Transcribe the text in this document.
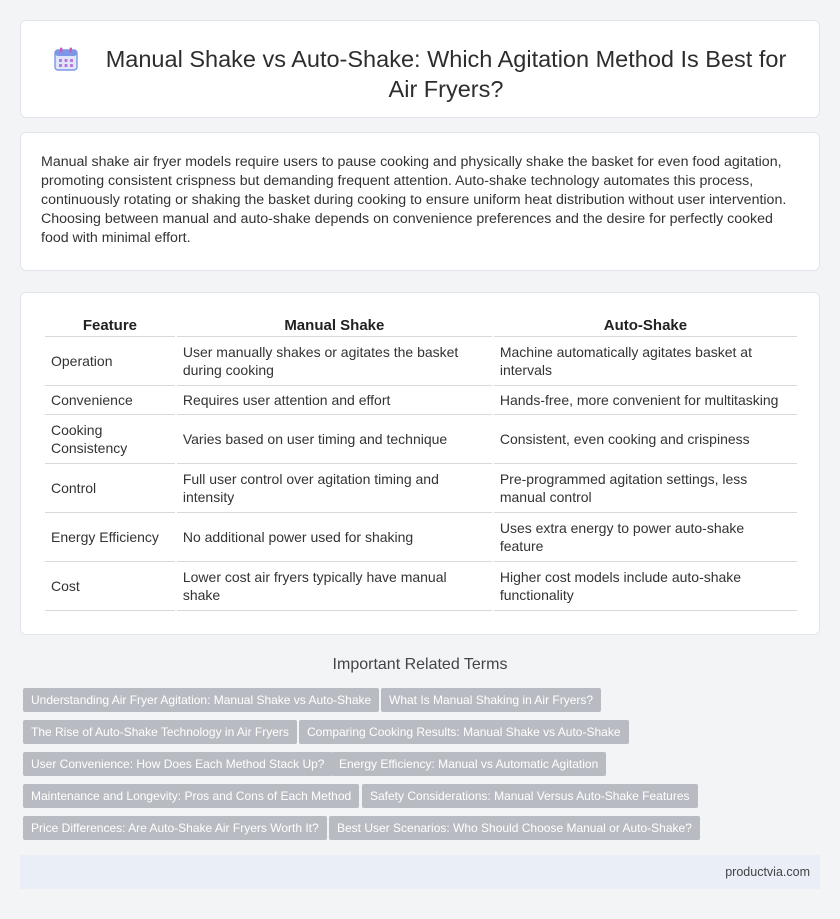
Manual Shake vs Auto-Shake: Which Agitation Method Is Best for Air Fryers?

Manual shake air fryer models require users to pause cooking and physically shake the basket for even food agitation, promoting consistent crispness but demanding frequent attention. Auto-shake technology automates this process, continuously rotating or shaking the basket during cooking to ensure uniform heat distribution without user intervention. Choosing between manual and auto-shake depends on convenience preferences and the desire for perfectly cooked food with minimal effort.

Feature	Manual Shake	Auto-Shake
Operation	User manually shakes or agitates the basket during cooking	Machine automatically agitates basket at intervals
Convenience	Requires user attention and effort	Hands-free, more convenient for multitasking
Cooking Consistency	Varies based on user timing and technique	Consistent, even cooking and crispiness
Control	Full user control over agitation timing and intensity	Pre-programmed agitation settings, less manual control
Energy Efficiency	No additional power used for shaking	Uses extra energy to power auto-shake feature
Cost	Lower cost air fryers typically have manual shake	Higher cost models include auto-shake functionality
Important Related Terms
Understanding Air Fryer Agitation: Manual Shake vs Auto-Shake	What Is Manual Shaking in Air Fryers?
The Rise of Auto-Shake Technology in Air Fryers	Comparing Cooking Results: Manual Shake vs Auto-Shake
User Convenience: How Does Each Method Stack Up?	Energy Efficiency: Manual vs Automatic Agitation
Maintenance and Longevity: Pros and Cons of Each Method	Safety Considerations: Manual Versus Auto-Shake Features
Price Differences: Are Auto-Shake Air Fryers Worth It?	Best User Scenarios: Who Should Choose Manual or Auto-Shake?
productvia.com
